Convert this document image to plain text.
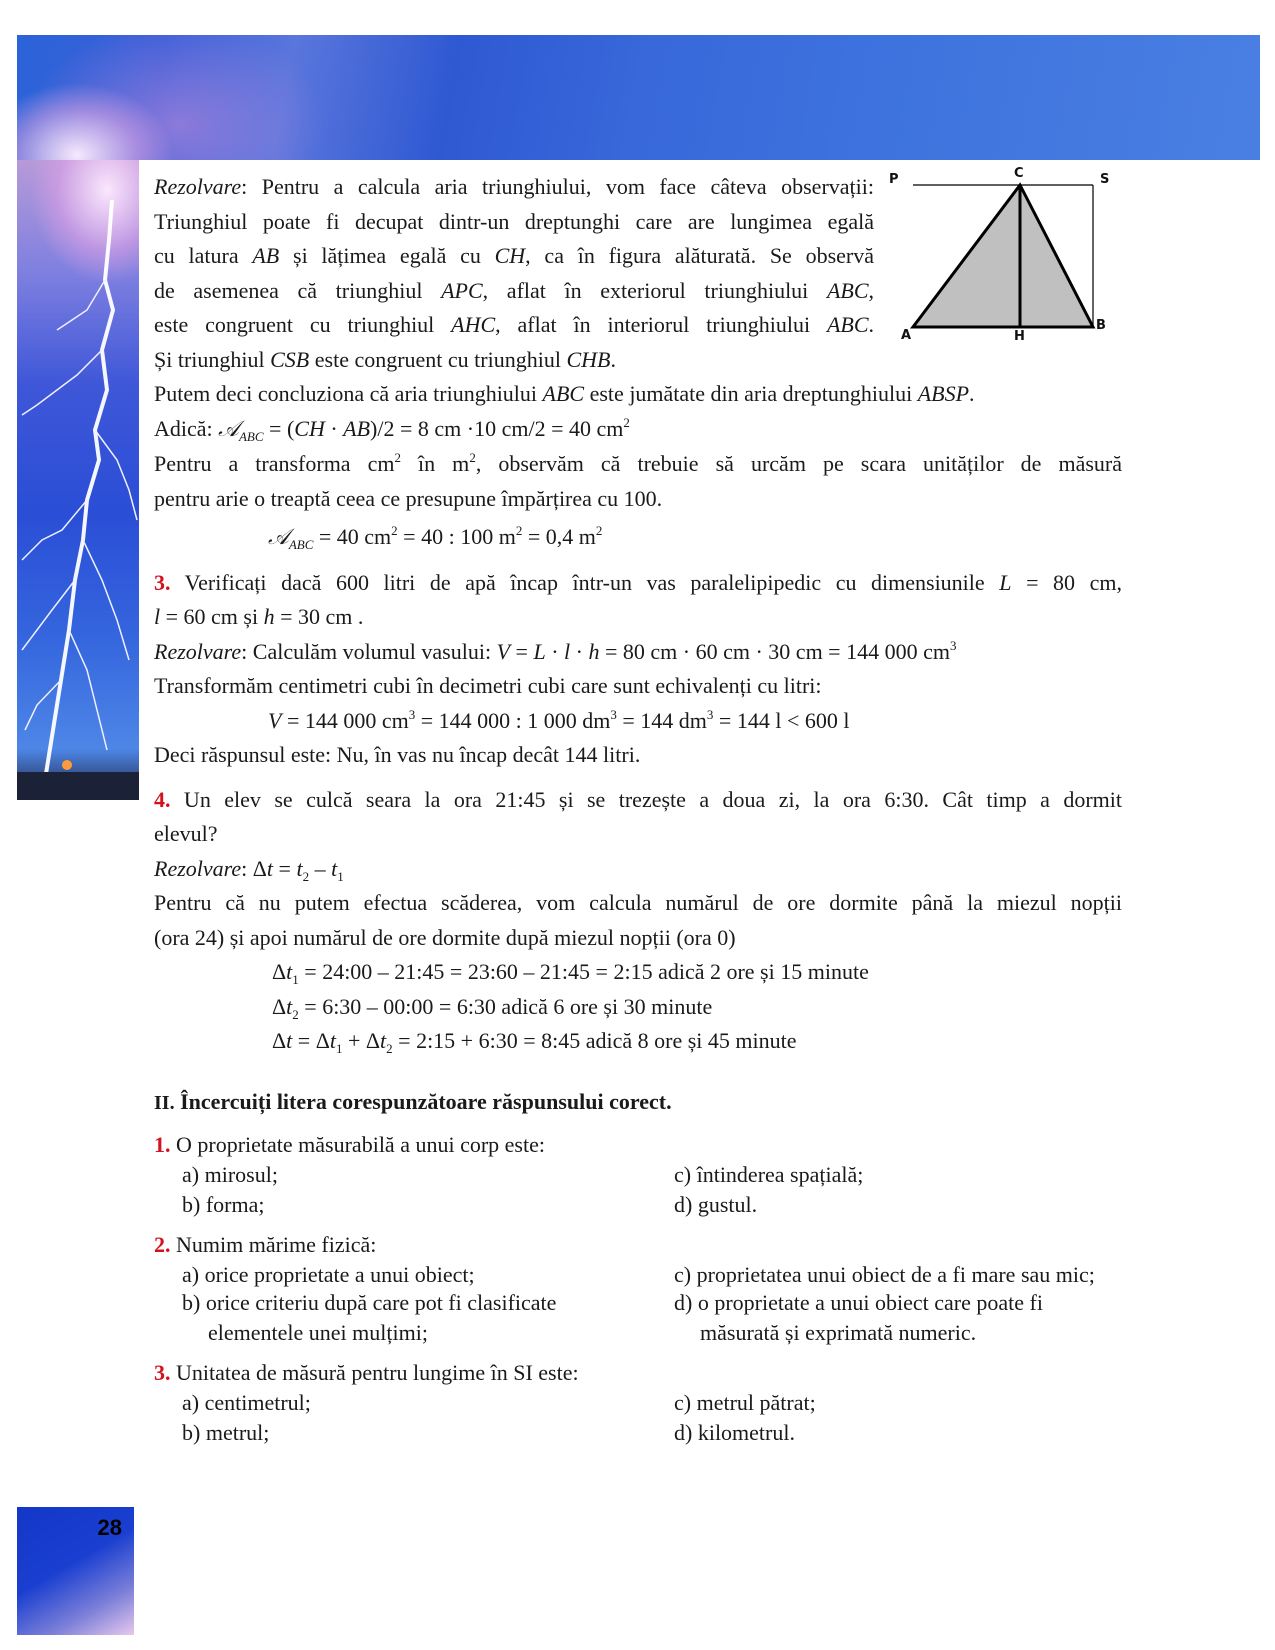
28
P	C	S
A	H
B
Rezolvare: Pentru a calcula aria triunghiului, vom face câteva observații:
Triunghiul poate fi decupat dintr-un dreptunghi care are lungimea egală
cu latura AB și lățimea egală cu CH, ca în figura alăturată. Se observă
de asemenea că triunghiul APC, aflat în exteriorul triunghiului ABC,
este congruent cu triunghiul AHC, aflat în interiorul triunghiului ABC.
Și triunghiul CSB este congruent cu triunghiul CHB.
Putem deci concluziona că aria triunghiului ABC este jumătate din aria dreptunghiului ABSP.
Adică: 𝒜$_{ABC}$ = (CH · AB)/2 = 8 cm ·10 cm/2 = 40 $cm^2$
Pentru a transforma $cm^2$ în $m^2$, observăm că trebuie să urcăm pe scara unităților de măsură
pentru arie o treaptă ceea ce presupune împărțirea cu 100.
𝒜$_{ABC}$ = 40 $cm^2 = 40$ : 100 $m^2 = 0,4$ $m^2$
3. Verificați dacă 600 litri de apă încap într-un vas paralelipipedic cu dimensiunile L = 80 cm,
l = 60 cm și h = 30 cm .
Rezolvare: Calculăm volumul vasului: V = L · l · h = 80 cm · 60 cm · 30 cm = 144 000 $cm^3$
Transformăm centimetri cubi în decimetri cubi care sunt echivalenți cu litri:
V = 144 000 $cm^3 = 144$ 000 : 1 000 $dm^3 = 144$ $dm^3 = 144$ l < 600 l
Deci răspunsul este: Nu, în vas nu încap decât 144 litri.
4. Un elev se culcă seara la ora 21:45 și se trezește a doua zi, la ora 6:30. Cât timp a dormit
elevul?
Rezolvare: $\Delta t = t_2 - t_1$
Pentru că nu putem efectua scăderea, vom calcula numărul de ore dormite până la miezul nopții
(ora 24) și apoi numărul de ore dormite după miezul nopții (ora 0)
$\Delta t_1$ = 24:00 – 21:45 = 23:60 – 21:45 = 2:15 adică 2 ore și 15 minute
$\Delta t_2$ = 6:30 – 00:00 = 6:30 adică 6 ore și 30 minute
$\Delta t = \Delta t_1 + \Delta t_2$ = 2:15 + 6:30 = 8:45 adică 8 ore și 45 minute
II. Încercuiți litera corespunzătoare răspunsului corect.
1. O proprietate măsurabilă a unui corp este:
a) mirosul;	c) întinderea spațială;
b) forma;	d) gustul.
2. Numim mărime fizică:
a) orice proprietate a unui obiect;	c) proprietatea unui obiect de a fi mare sau mic;
b) orice criteriu după care pot fi clasificate elementele unei mulțimi;
d) o proprietate a unui obiect care poate fi măsurată și exprimată numeric.
3. Unitatea de măsură pentru lungime în SI este:
a) centimetrul;	c) metrul pătrat;
b) metrul;	d) kilometrul.
